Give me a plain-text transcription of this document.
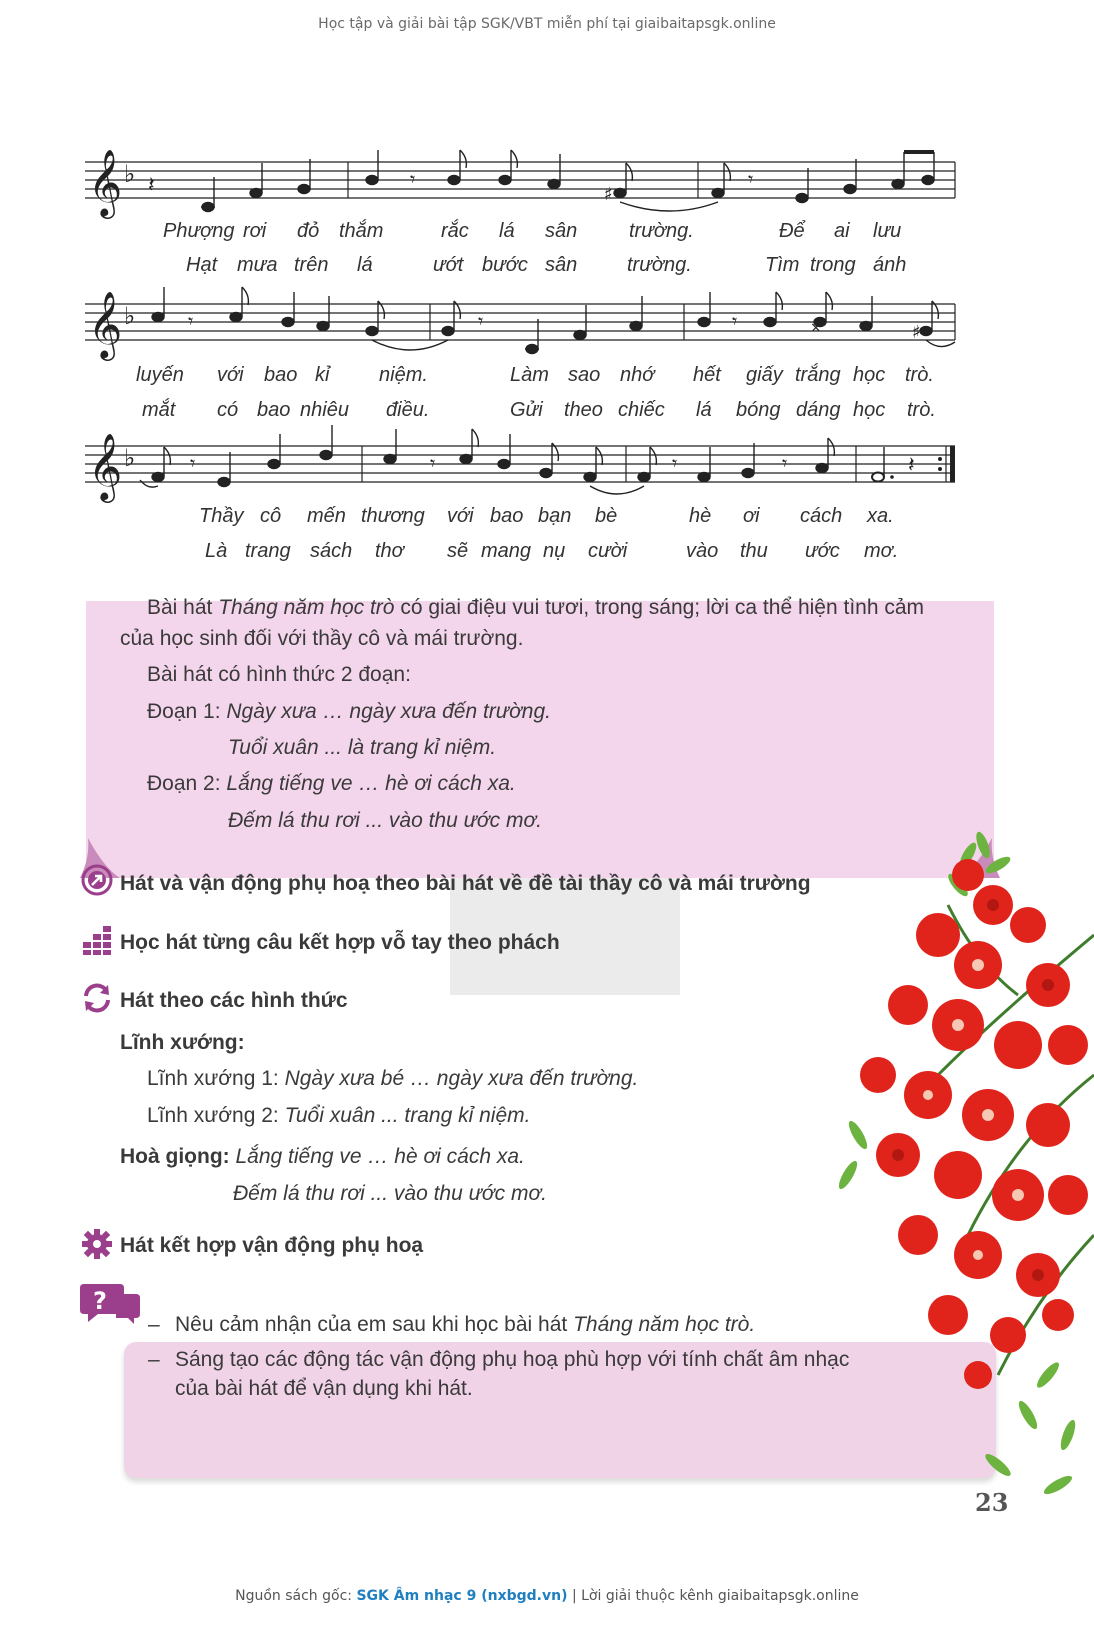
Học tập và giải bài tập SGK/VBT miễn phí tại giaibaitapsgk.online
𝄞 ♭ 𝄽	𝄾	𝄾
♯
Phượng rơi đỏ thắm	rắc lá sân	trường.	Để ai lưu
Hạt mưa trên lá	ướt bước sân trường.	Tìm trong ánh
𝄞 ♭	𝄾	𝄾	𝄾	×	♯
luyến với bao kỉ niệm.	Làm sao nhớ hết giấy trắng học trò.
mắt có bao nhiêu điều.	Gửi theo chiếc lá bóng dáng học trò.
𝄞 ♭	𝄾	𝄾	𝄾	𝄾	𝄽
Thầy cô mến thương với bao bạn bè	hè ơi cách xa.
Là trang sách thơ sẽ mang nụ cười	vào thu ước mơ.
Bài hát Tháng năm học trò có giai điệu vui tươi, trong sáng; lời ca thể hiện tình cảm
của học sinh đối với thầy cô và mái trường.
Bài hát có hình thức 2 đoạn:
Đoạn 1: Ngày xưa … ngày xưa đến trường.
Tuổi xuân ... là trang kỉ niệm.
Đoạn 2: Lắng tiếng ve … hè ơi cách xa.
Đếm lá thu rơi ... vào thu ước mơ.
Hát và vận động phụ hoạ theo bài hát về đề tài thầy cô và mái trường
Học hát từng câu kết hợp vỗ tay theo phách
Hát theo các hình thức
Lĩnh xướng:
Lĩnh xướng 1: Ngày xưa bé … ngày xưa đến trường.
Lĩnh xướng 2: Tuổi xuân ... trang kỉ niệm.
Hoà giọng: Lắng tiếng ve … hè ơi cách xa.
Đếm lá thu rơi ... vào thu ước mơ.
Hát kết hợp vận động phụ hoạ
?
– Nêu cảm nhận của em sau khi học bài hát Tháng năm học trò.
– Sáng tạo các động tác vận động phụ hoạ phù hợp với tính chất âm nhạc
của bài hát để vận dụng khi hát.
23
Nguồn sách gốc: SGK Âm nhạc 9 (nxbgd.vn) | Lời giải thuộc kênh giaibaitapsgk.online
